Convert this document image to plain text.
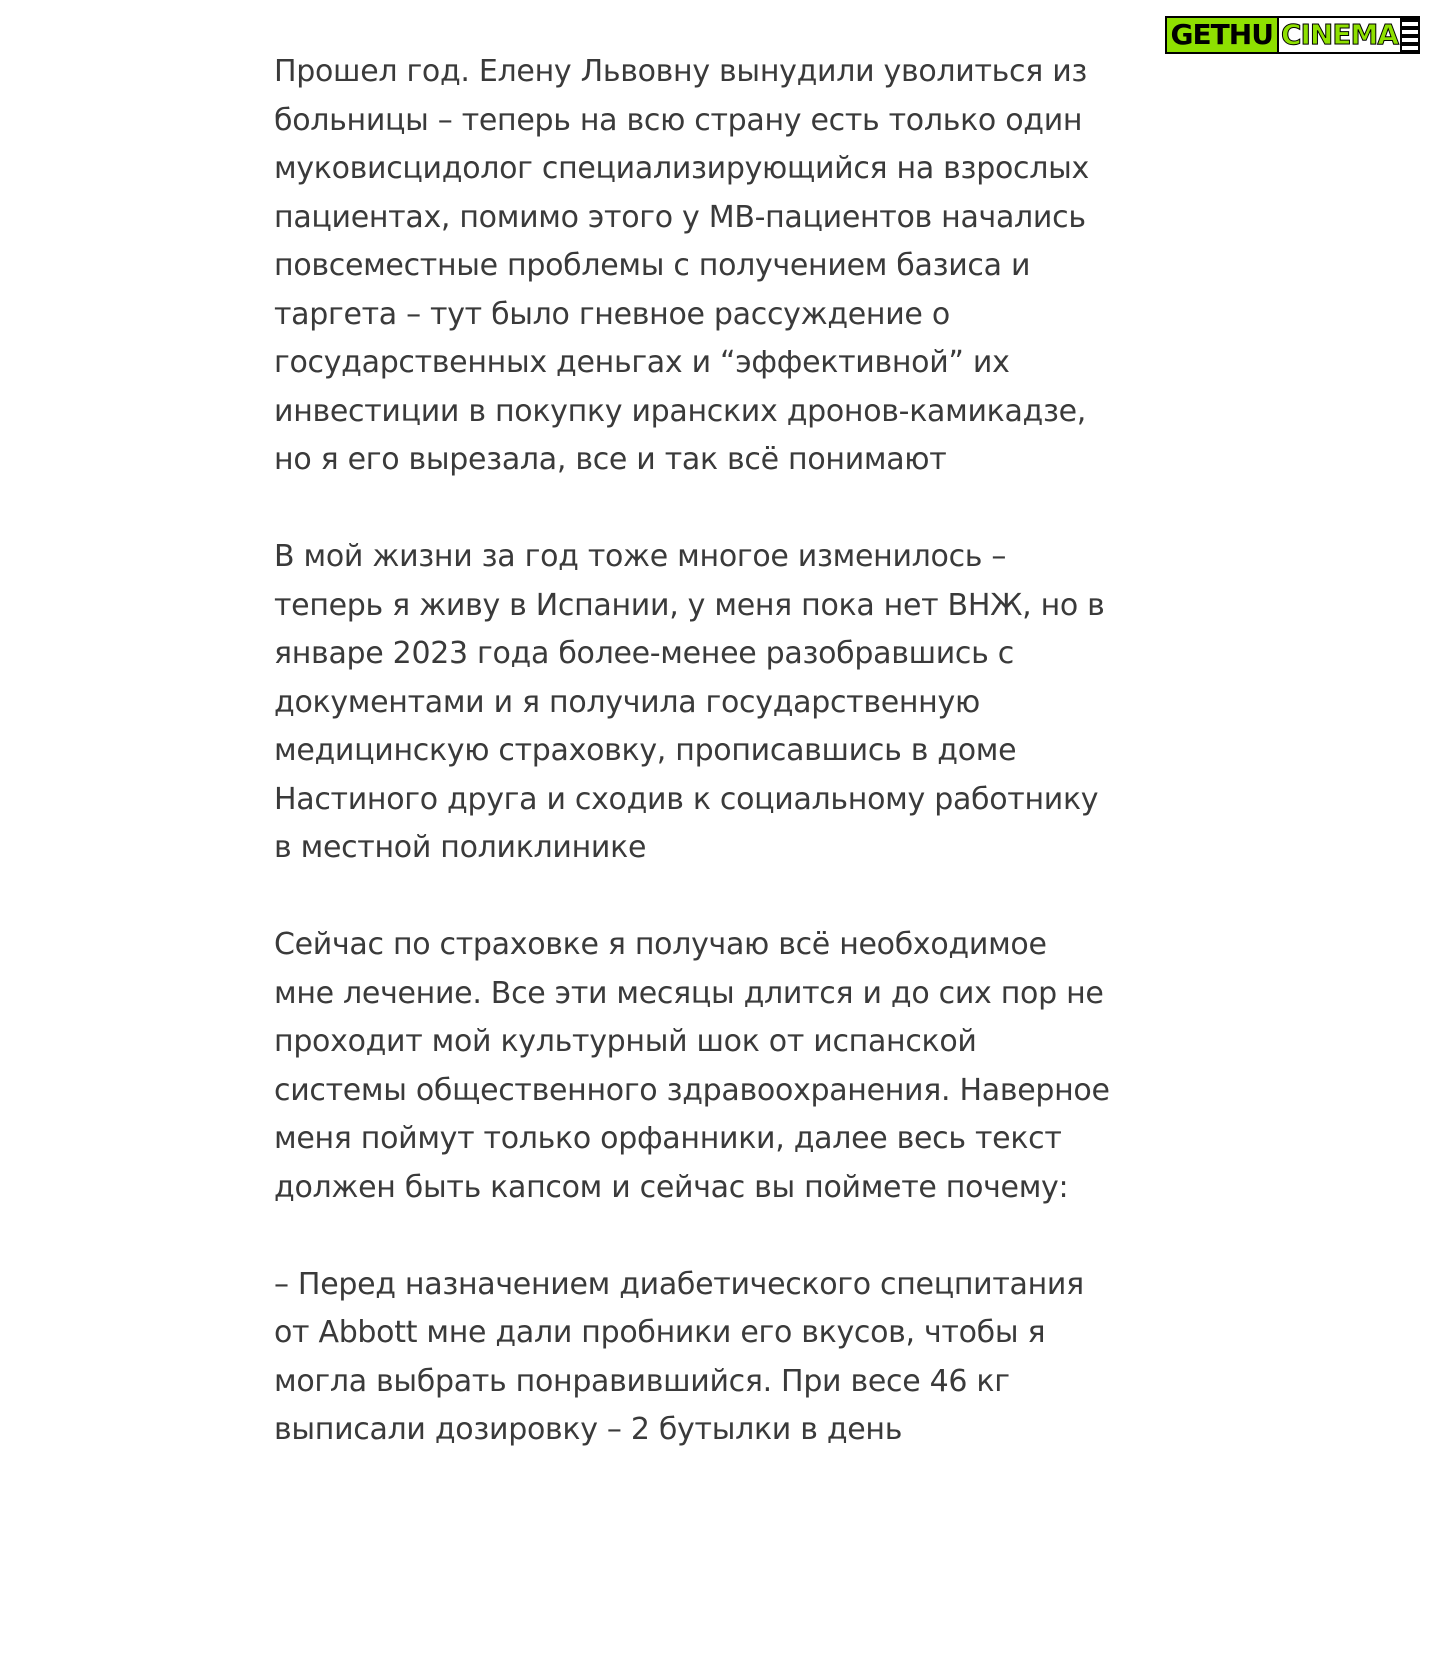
GETHU CINEMA

Прошел год. Елену Львовну вынудили уволиться из больницы – теперь на всю страну есть только один муковисцидолог специализирующийся на взрослых пациентах, помимо этого у МВ-пациентов начались повсеместные проблемы с получением базиса и таргета – тут было гневное рассуждение о государственных деньгах и “эффективной” их инвестиции в покупку иранских дронов-камикадзе, но я его вырезала, все и так всё понимают

В мой жизни за год тоже многое изменилось – теперь я живу в Испании, у меня пока нет ВНЖ, но в январе 2023 года более-менее разобравшись с документами и я получила государственную медицинскую страховку, прописавшись в доме Настиного друга и сходив к социальному работнику в местной поликлинике

Сейчас по страховке я получаю всё необходимое мне лечение. Все эти месяцы длится и до сих пор не проходит мой культурный шок от испанской системы общественного здравоохранения. Наверное меня поймут только орфанники, далее весь текст должен быть капсом и сейчас вы поймете почему:

– Перед назначением диабетического спецпитания от Abbott мне дали пробники его вкусов, чтобы я могла выбрать понравившийся. При весе 46 кг выписали дозировку – 2 бутылки в день
